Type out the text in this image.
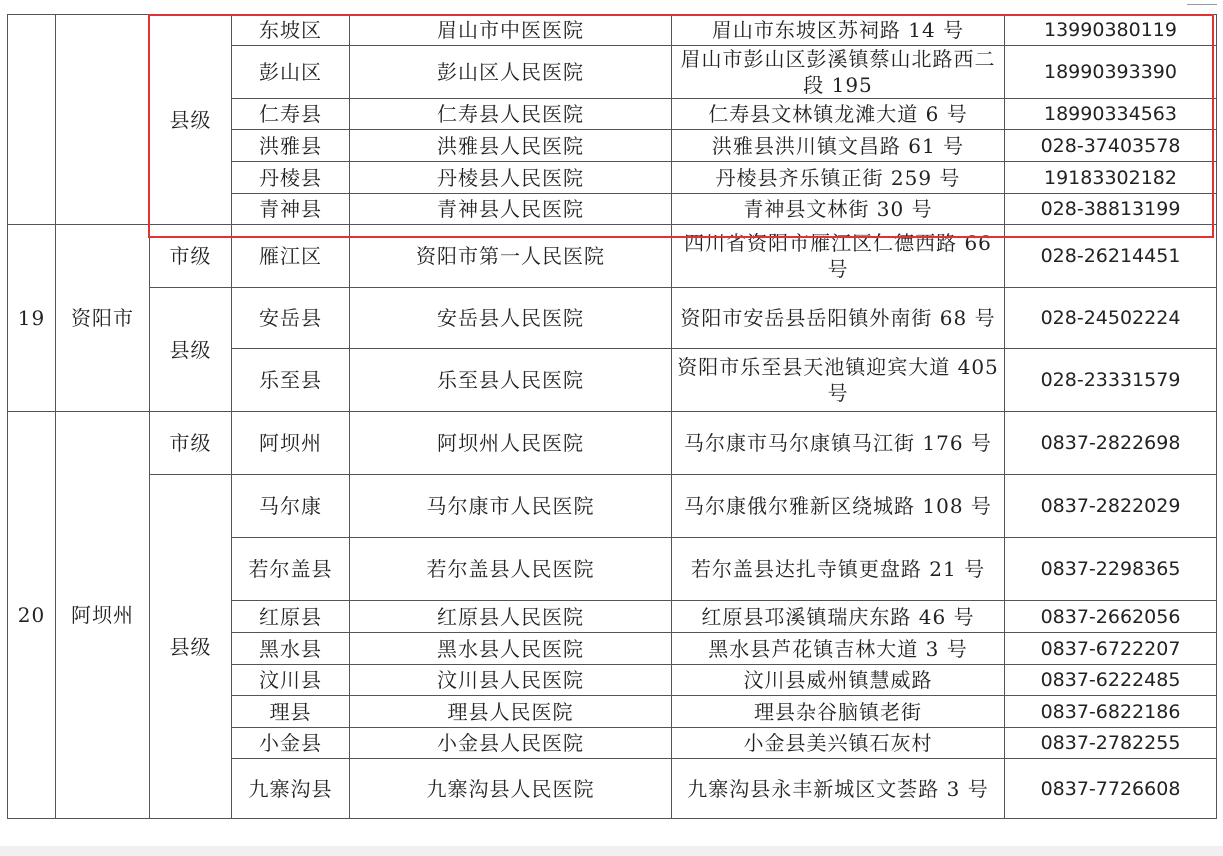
		县级	东坡区	眉山市中医医院	眉山市东坡区苏祠路 14 号	13990380119
			彭山区	彭山区人民医院	眉山市彭山区彭溪镇蔡山北路西二段 195	18990393390
			仁寿县	仁寿县人民医院	仁寿县文林镇龙滩大道 6 号	18990334563
			洪雅县	洪雅县人民医院	洪雅县洪川镇文昌路 61 号	028-37403578
			丹棱县	丹棱县人民医院	丹棱县齐乐镇正街 259 号	19183302182
			青神县	青神县人民医院	青神县文林街 30 号	028-38813199
19	资阳市	市级	雁江区	资阳市第一人民医院	四川省资阳市雁江区仁德西路 66 号	028-26214451
		县级	安岳县	安岳县人民医院	资阳市安岳县岳阳镇外南街 68 号	028-24502224
			乐至县	乐至县人民医院	资阳市乐至县天池镇迎宾大道 405 号	028-23331579
20	阿坝州	市级	阿坝州	阿坝州人民医院	马尔康市马尔康镇马江街 176 号	0837-2822698
		县级	马尔康	马尔康市人民医院	马尔康俄尔雅新区绕城路 108 号	0837-2822029
			若尔盖县	若尔盖县人民医院	若尔盖县达扎寺镇更盘路 21 号	0837-2298365
			红原县	红原县人民医院	红原县邛溪镇瑞庆东路 46 号	0837-2662056
			黑水县	黑水县人民医院	黑水县芦花镇吉林大道 3 号	0837-6722207
			汶川县	汶川县人民医院	汶川县威州镇慧威路	0837-6222485
			理县	理县人民医院	理县杂谷脑镇老街	0837-6822186
			小金县	小金县人民医院	小金县美兴镇石灰村	0837-2782255
			九寨沟县	九寨沟县人民医院	九寨沟县永丰新城区文荟路 3 号	0837-7726608
